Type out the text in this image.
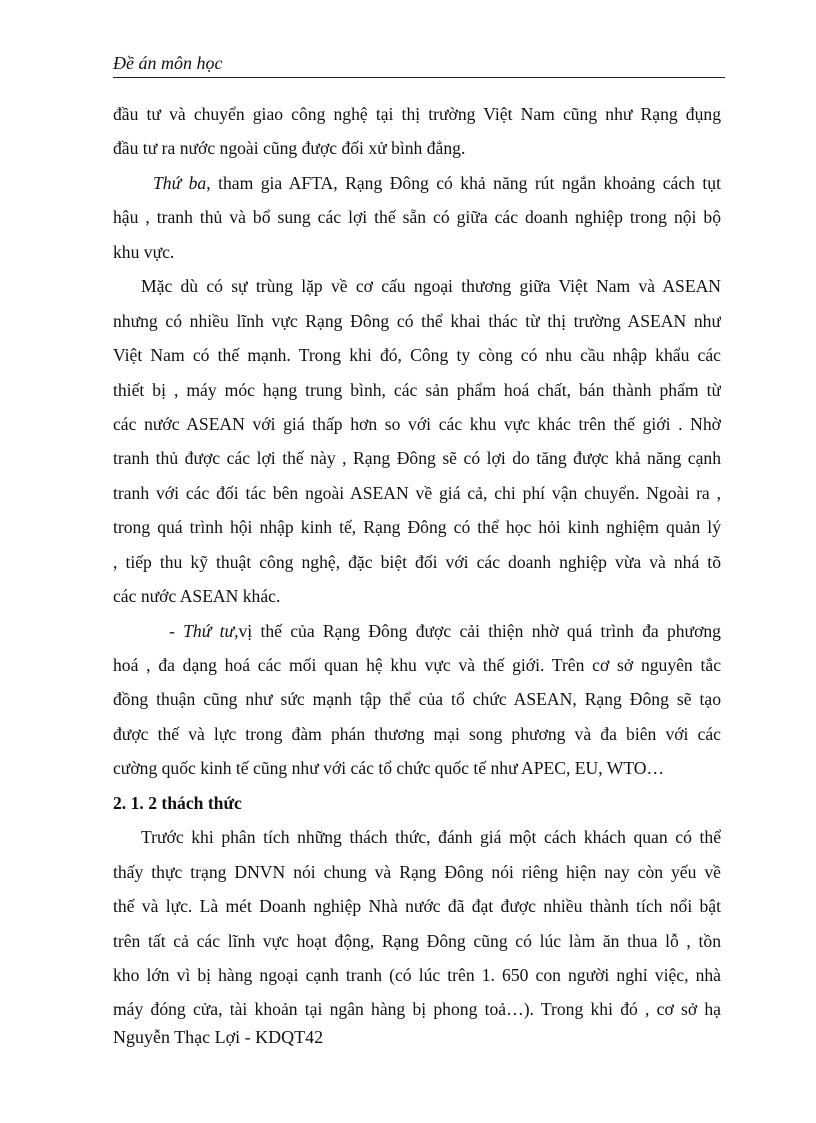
Đề án môn học
đầu tư và chuyển giao công nghệ tại thị trường Việt Nam cũng như Rạng đụng
đầu tư ra nước ngoài cũng được đối xử bình đẳng.
Thứ ba, tham gia AFTA, Rạng Đông có khả năng rút ngắn khoảng cách tụt
hậu , tranh thủ và bổ sung các lợi thế sẵn có giữa các doanh nghiệp trong nội bộ
khu vực.
Mặc dù có sự trùng lặp về cơ cấu ngoại thương giữa Việt Nam và ASEAN
nhưng có nhiều lĩnh vực Rạng Đông có thể khai thác từ thị trường ASEAN như
Việt Nam có thế mạnh. Trong khi đó, Công ty còng có nhu cầu nhập khẩu các
thiết bị , máy móc hạng trung bình, các sản phẩm hoá chất, bán thành phẩm từ
các nước ASEAN với giá thấp hơn so với các khu vực khác trên thế giới . Nhờ
tranh thủ được các lợi thế này , Rạng Đông sẽ có lợi do tăng được khả năng cạnh
tranh với các đối tác bên ngoài ASEAN về giá cả, chi phí vận chuyển. Ngoài ra ,
trong quá trình hội nhập kinh tế, Rạng Đông có thể học hỏi kinh nghiệm quản lý
, tiếp thu kỹ thuật công nghệ, đặc biệt đối với các doanh nghiệp vừa và nhá tõ
các nước ASEAN khác.
- Thứ tư,vị thế của Rạng Đông được cải thiện nhờ quá trình đa phương
hoá , đa dạng hoá các mối quan hệ khu vực và thế giới. Trên cơ sở nguyên tắc
đồng thuận cũng như sức mạnh tập thể của tổ chức ASEAN, Rạng Đông sẽ tạo
được thế và lực trong đàm phán thương mại song phương và đa biên với các
cường quốc kinh tế cũng như với các tổ chức quốc tế như APEC, EU, WTO…
2. 1. 2 thách thức
Trước khi phân tích những thách thức, đánh giá một cách khách quan có thể
thấy thực trạng DNVN nói chung và Rạng Đông nói riêng hiện nay còn yếu về
thế và lực. Là mét Doanh nghiệp Nhà nước đã đạt được nhiều thành tích nổi bật
trên tất cả các lĩnh vực hoạt động, Rạng Đông cũng có lúc làm ăn thua lỗ , tồn
kho lớn vì bị hàng ngoại cạnh tranh (có lúc trên 1. 650 con người nghỉ việc, nhà
máy đóng cửa, tài khoản tại ngân hàng bị phong toả…). Trong khi đó , cơ sở hạ
Nguyễn Thạc Lợi - KDQT42
